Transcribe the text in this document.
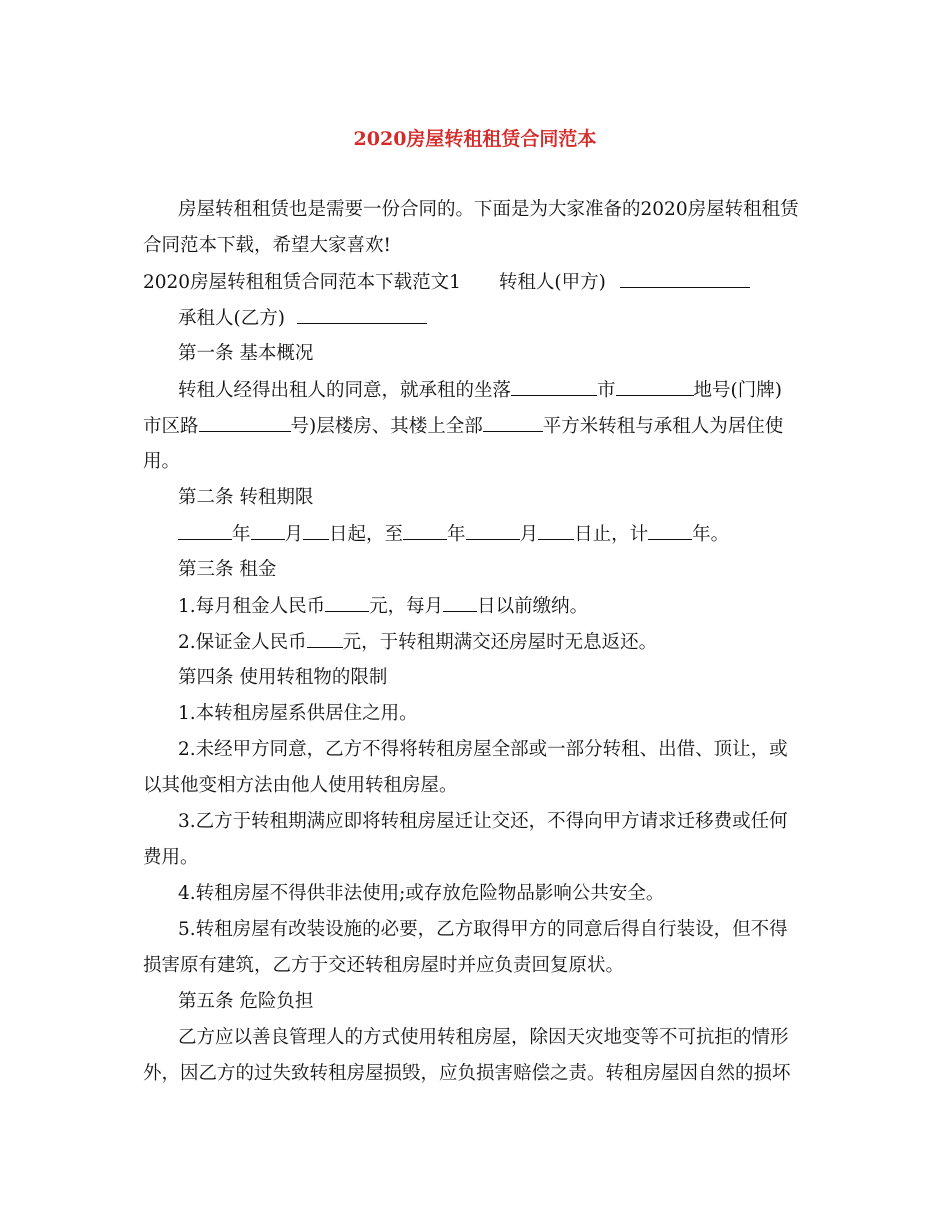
2020房屋转租租赁合同范本
房屋转租租赁也是需要一份合同的。下面是为大家准备的2020房屋转租租赁
合同范本下载，希望大家喜欢!
2020房屋转租租赁合同范本下载范文1 转租人(甲方)
承租人(乙方)
第一条 基本概况
转租人经得出租人的同意，就承租的坐落	市	地号(门牌)
市区路	号)层楼房、其楼上全部	平方米转租与承租人为居住使
用。
第二条 转租期限
年 月 日起，至 年	月 日止，计 年。
第三条 租金
1.每月租金人民币 元，每月 日以前缴纳。
2.保证金人民币 元，于转租期满交还房屋时无息返还。
第四条 使用转租物的限制
1.本转租房屋系供居住之用。
2.未经甲方同意，乙方不得将转租房屋全部或一部分转租、出借、顶让，或
以其他变相方法由他人使用转租房屋。
3.乙方于转租期满应即将转租房屋迁让交还，不得向甲方请求迁移费或任何
费用。
4.转租房屋不得供非法使用;或存放危险物品影响公共安全。
5.转租房屋有改装设施的必要，乙方取得甲方的同意后得自行装设，但不得
损害原有建筑，乙方于交还转租房屋时并应负责回复原状。
第五条 危险负担
乙方应以善良管理人的方式使用转租房屋，除因天灾地变等不可抗拒的情形
外，因乙方的过失致转租房屋损毁，应负损害赔偿之责。转租房屋因自然的损坏
